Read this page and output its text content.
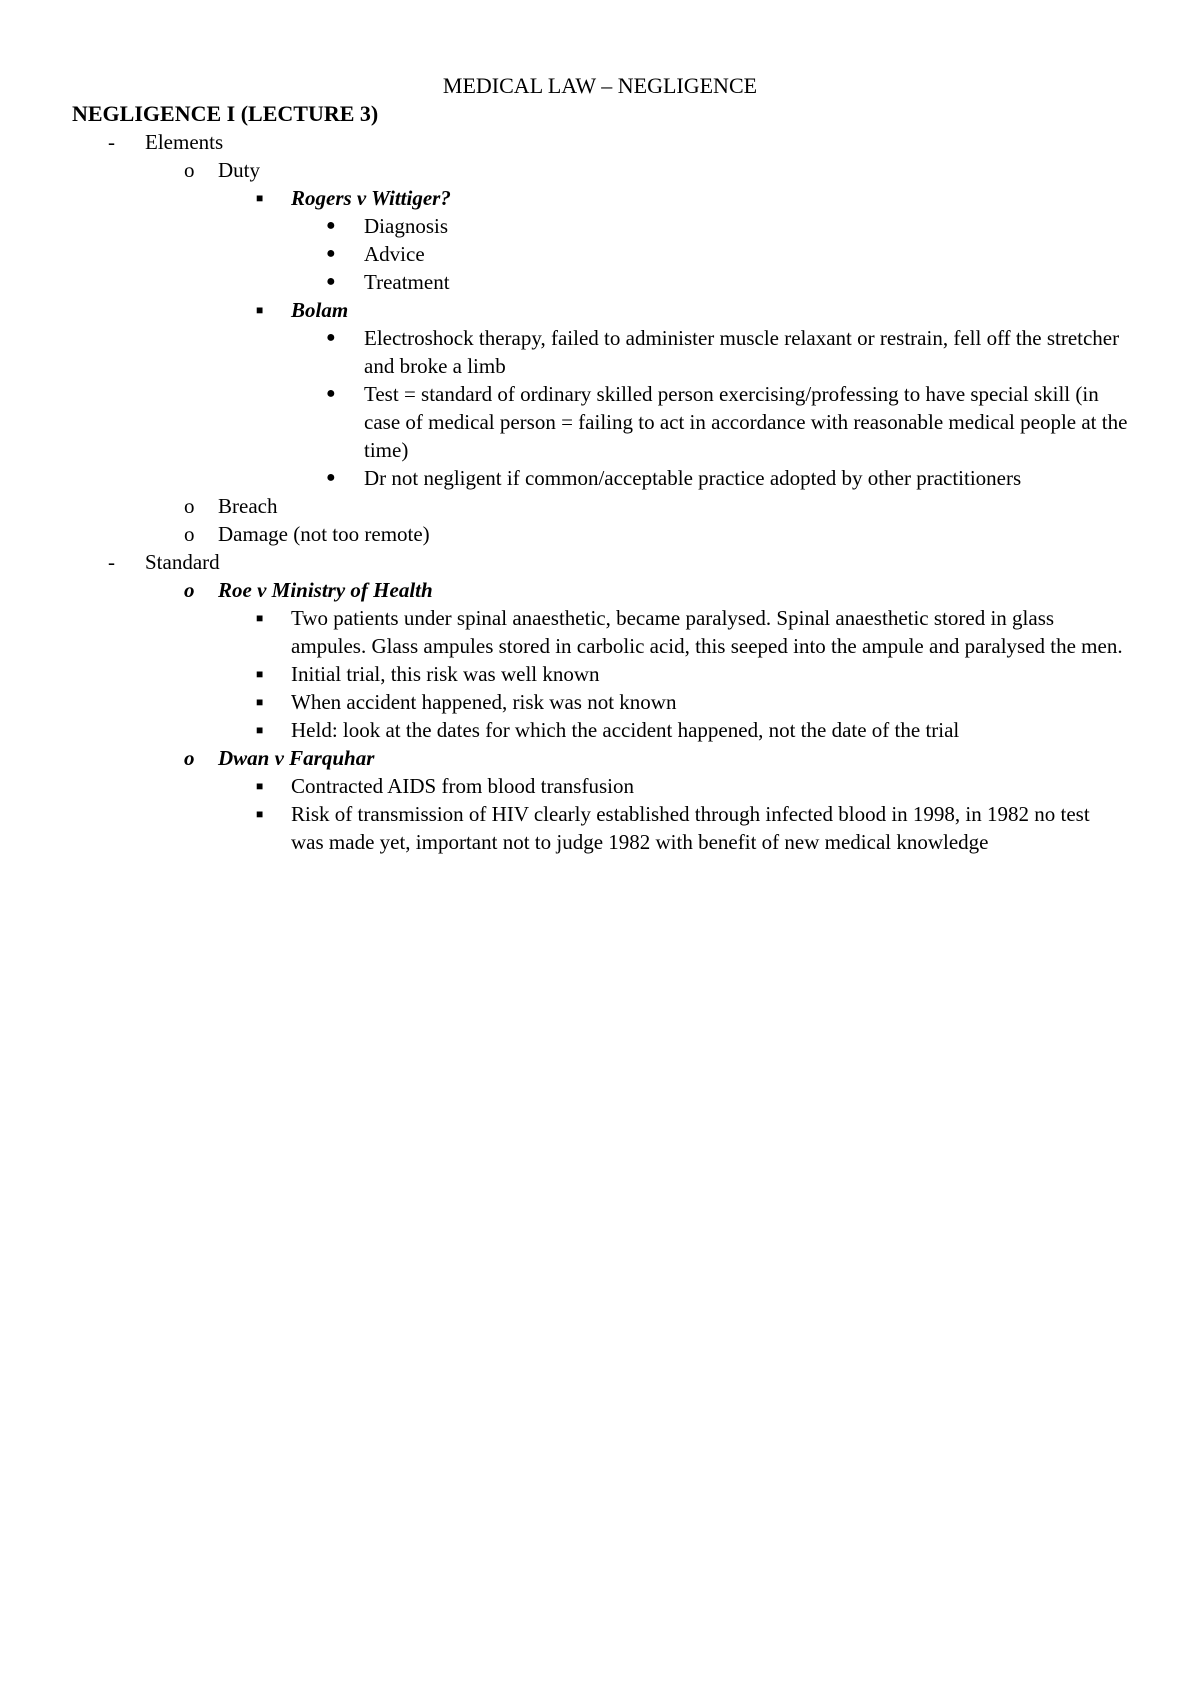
MEDICAL LAW – NEGLIGENCE
NEGLIGENCE I (LECTURE 3)
-	Elements
o	Duty
■	Rogers v Wittiger?
●	Diagnosis
●	Advice
●	Treatment
■	Bolam
●	Electroshock therapy, failed to administer muscle relaxant or restrain, fell off the stretcher and broke a limb
●	Test = standard of ordinary skilled person exercising/professing to have special skill (in case of medical person = failing to act in accordance with reasonable medical people at the time)
●	Dr not negligent if common/acceptable practice adopted by other practitioners
o	Breach
o	Damage (not too remote)
-	Standard
o	Roe v Ministry of Health
■	Two patients under spinal anaesthetic, became paralysed. Spinal anaesthetic stored in glass ampules. Glass ampules stored in carbolic acid, this seeped into the ampule and paralysed the men.
■	Initial trial, this risk was well known
■	When accident happened, risk was not known
■	Held: look at the dates for which the accident happened, not the date of the trial
o	Dwan v Farquhar
■	Contracted AIDS from blood transfusion
■	Risk of transmission of HIV clearly established through infected blood in 1998, in 1982 no test was made yet, important not to judge 1982 with benefit of new medical knowledge
